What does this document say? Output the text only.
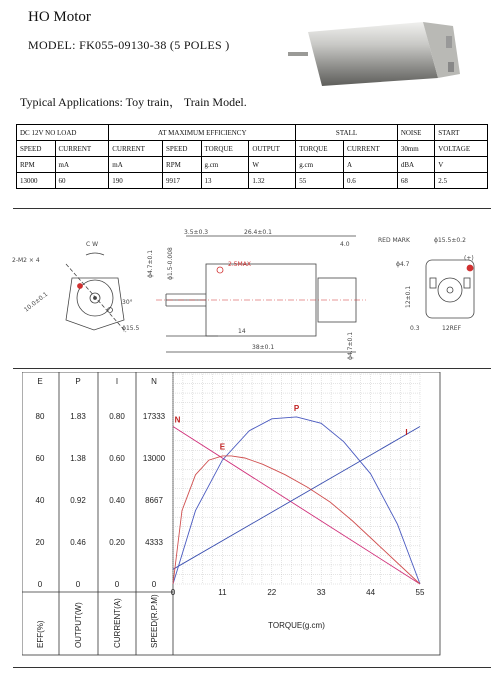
HO Motor
MODEL: FK055-09130-38 (5 POLES )
Typical Applications: Toy train， Train Model.
DC 12V NO LOAD		AT MAXIMUM EFFICIENCY				STALL		NOISE	START
SPEED	CURRENT	CURRENT	SPEED	TORQUE	OUTPUT	TORQUE	CURRENT	30mm	VOLTAGE
RPM	mA	mA	RPM	g.cm	W	g.cm	A	dBA	V
13000	60	190	9917	13	1.32	55	0.6	68	2.5
C W
2-M2 × 4
10.0±0.1	30°
ϕ15.5
3.5±0.3	26.4±0.1
4.0
ϕ4.7±0.1 ϕ1.5-0.008	2.5MAX
14
38±0.1	ϕ4.7±0.1
RED MARK	ϕ15.5±0.2
ϕ4.7
12±0.1
0.3	12REF
(+)
0	11	22	33	44	55
TORQUE(g.cm)
E
0
20
40
60
80
EFF(%)
P
0
0.46
0.92
1.38
1.83
OUTPUT(W)
I
0
0.20
0.40
0.60
0.80
CURRENT(A)
N
0
4333
8667
13000
17333
SPEED(R.P.M)
P
E
N
I
